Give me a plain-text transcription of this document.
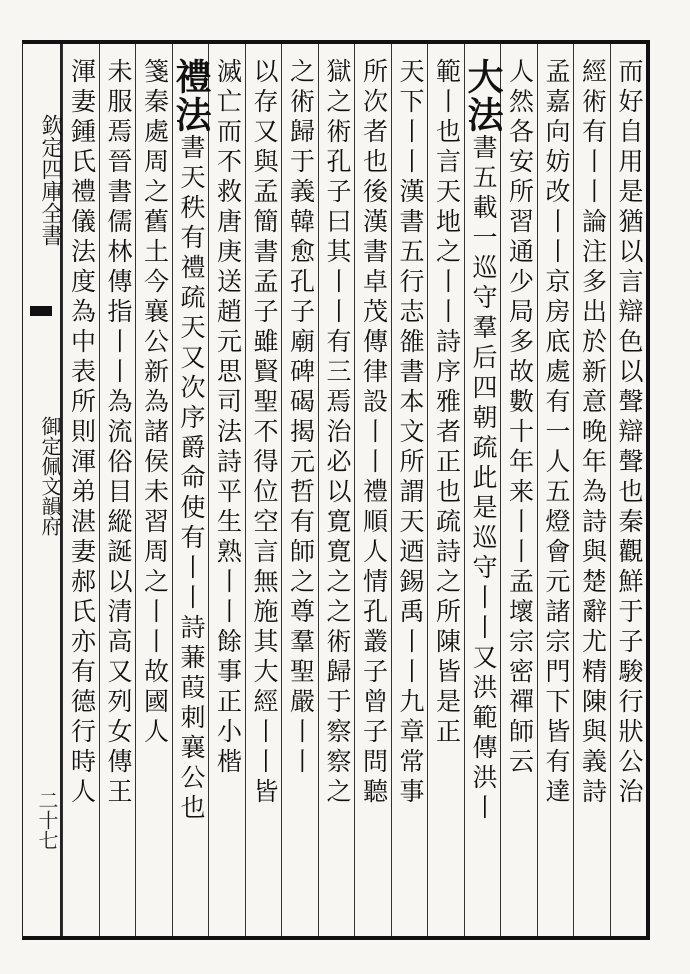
欽定四庫全書
御定佩文韻府
二十七
而好自用是猶以言辯色以聲辯聲也秦觀鮮于子駿行狀公治
經術有丨丨論注多出於新意晚年為詩與楚辭尤精陳與義詩
孟嘉向妨改丨丨京房底處有一人五燈會元諸宗門下皆有達
人然各安所習通少局多故數十年来丨丨孟壞宗密禪師云
大法書五載一巡守羣后四朝疏此是巡守丨丨又洪範傳洪丨
範丨也言天地之丨丨詩序雅者正也疏詩之所陳皆是正
天下丨丨漢書五行志雒書本文所謂天迺錫禹丨丨九章常事
所次者也後漢書卓茂傳律設丨丨禮順人情孔叢子曾子問聽
獄之術孔子曰其丨丨有三焉治必以寛寛之之術歸于察察之
之術歸于義韓愈孔子廟碑碣揭元哲有師之尊羣聖嚴丨丨
以存又與孟簡書孟子雖賢聖不得位空言無施其大經丨丨皆
滅亡而不救唐庚送趙元思司法詩平生熟丨丨餘事正小楷
禮法書天秩有禮疏天又次序爵命使有丨丨詩蒹葭刺襄公也
箋秦處周之舊土今襄公新為諸侯未習周之丨丨故國人
未服焉晉書儒林傳指丨丨為流俗目縱誕以清高又列女傳王
渾妻鍾氏禮儀法度為中表所則渾弟湛妻郝氏亦有德行時人
